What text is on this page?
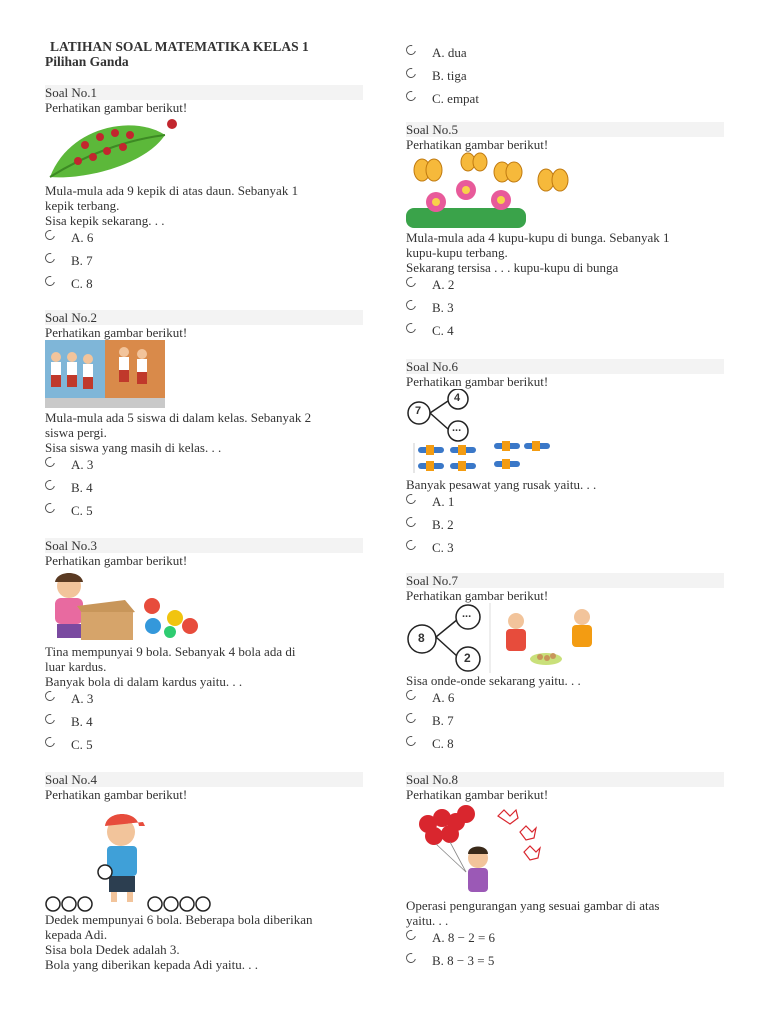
LATIHAN SOAL MATEMATIKA KELAS 1
Pilihan Ganda
Soal No.1
Perhatikan gambar berikut!
Mula-mula ada 9 kepik di atas daun. Sebanyak 1
kepik terbang.
Sisa kepik sekarang. . .
A. 6
B. 7
C. 8
Soal No.2
Perhatikan gambar berikut!
Mula-mula ada 5 siswa di dalam kelas. Sebanyak 2
siswa pergi.
Sisa siswa yang masih di kelas. . .
A. 3
B. 4
C. 5
Soal No.3
Perhatikan gambar berikut!
Tina mempunyai 9 bola. Sebanyak 4 bola ada di
luar kardus.
Banyak bola di dalam kardus yaitu. . .
A. 3
B. 4
C. 5
Soal No.4
Perhatikan gambar berikut!
Dedek mempunyai 6 bola. Beberapa bola diberikan
kepada Adi.
Sisa bola Dedek adalah 3.
Bola yang diberikan kepada Adi yaitu. . .
A. dua
B. tiga
C. empat
Soal No.5
Perhatikan gambar berikut!
Mula-mula ada 4 kupu-kupu di bunga. Sebanyak 1
kupu-kupu terbang.
Sekarang tersisa . . . kupu-kupu di bunga
A. 2
B. 3
C. 4
Soal No.6
Perhatikan gambar berikut!
7
4
...
Banyak pesawat yang rusak yaitu. . .
A. 1
B. 2
C. 3
Soal No.7
Perhatikan gambar berikut!
8
...
2
Sisa onde-onde sekarang yaitu. . .
A. 6
B. 7
C. 8
Soal No.8
Perhatikan gambar berikut!
Operasi pengurangan yang sesuai gambar di atas
yaitu. . .
A. 8 − 2 = 6
B. 8 − 3 = 5
